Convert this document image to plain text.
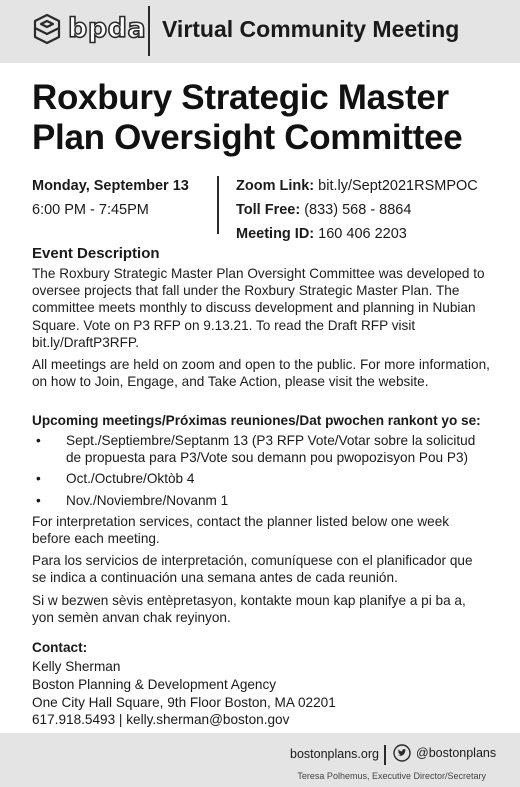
bpda Virtual Community Meeting
Roxbury Strategic Master
Plan Oversight Committee
Monday, September 13
6:00 PM - 7:45PM
Zoom Link: bit.ly/Sept2021RSMPOC
Toll Free: (833) 568 - 8864
Meeting ID: 160 406 2203
Event Description

The Roxbury Strategic Master Plan Oversight Committee was developed to oversee projects that fall under the Roxbury Strategic Master Plan. The committee meets monthly to discuss development and planning in Nubian Square. Vote on P3 RFP on 9.13.21. To read the Draft RFP visit bit.ly/DraftP3RFP.

All meetings are held on zoom and open to the public. For more information, on how to Join, Engage, and Take Action, please visit the website.

Upcoming meetings/Próximas reuniones/Dat pwochen rankont yo se:
• Sept./Septiembre/Septanm 13 (P3 RFP Vote/Votar sobre la solicitud de propuesta para P3/Vote sou demann pou pwopozisyon Pou P3)
• Oct./Octubre/Oktòb 4
• Nov./Noviembre/Novanm 1

For interpretation services, contact the planner listed below one week before each meeting.

Para los servicios de interpretación, comuníquese con el planificador que se indica a continuación una semana antes de cada reunión.

Si w bezwen sèvis entèpretasyon, kontakte moun kap planifye a pi ba a, yon semèn anvan chak reyinyon.

Contact:
Kelly Sherman
Boston Planning & Development Agency
One City Hall Square, 9th Floor Boston, MA 02201
617.918.5493 | kelly.sherman@boston.gov
bostonplans.org	@bostonplans
Teresa Polhemus, Executive Director/Secretary
